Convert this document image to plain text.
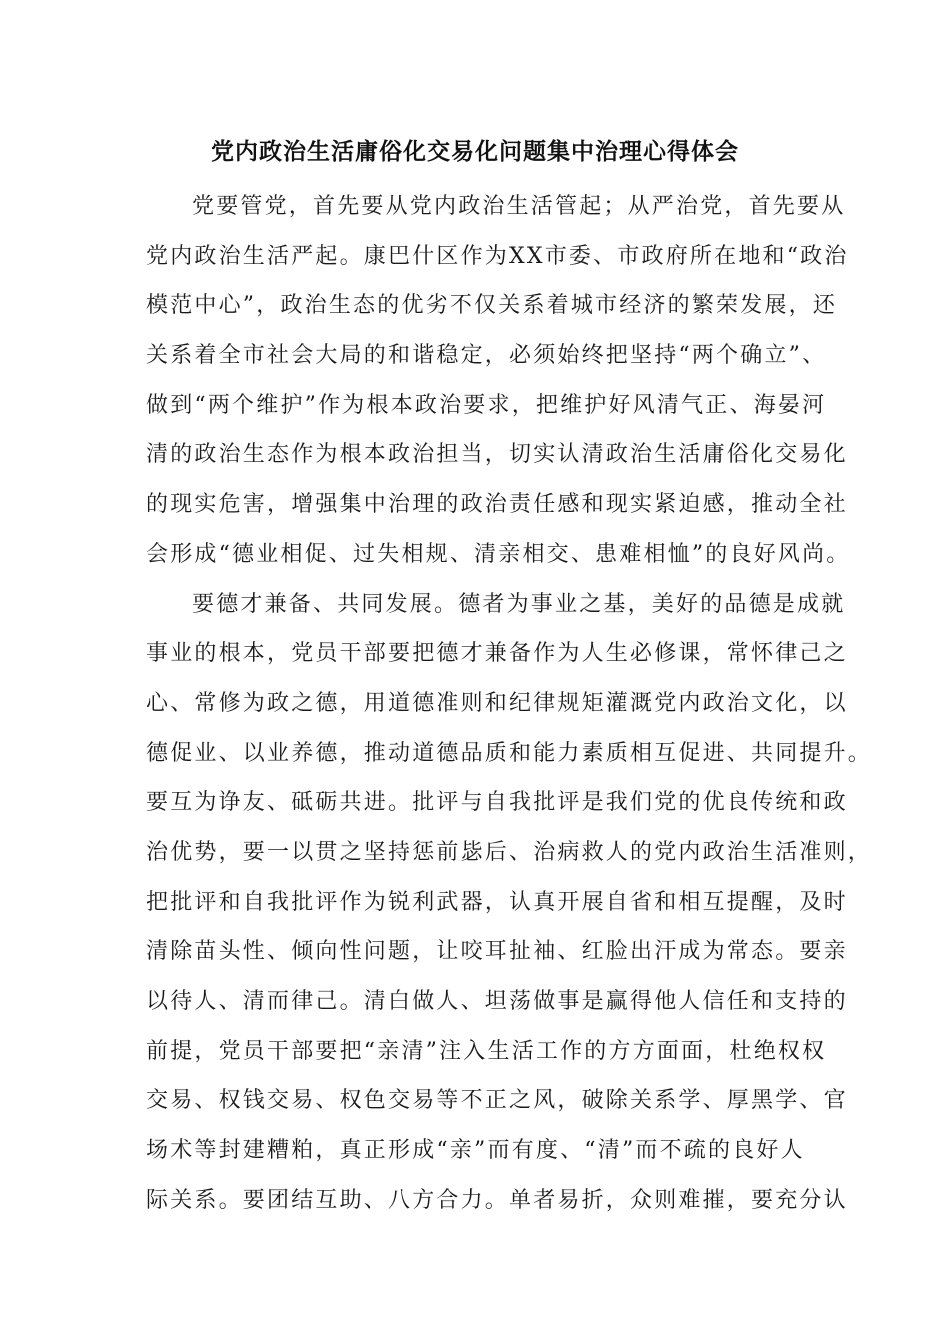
党内政治生活庸俗化交易化问题集中治理心得体会
党要管党，首先要从党内政治生活管起；从严治党，首先要从
党内政治生活严起。康巴什区作为XX市委、市政府所在地和“政治
模范中心”，政治生态的优劣不仅关系着城市经济的繁荣发展，还
关系着全市社会大局的和谐稳定，必须始终把坚持“两个确立”、
做到“两个维护”作为根本政治要求，把维护好风清气正、海晏河
清的政治生态作为根本政治担当，切实认清政治生活庸俗化交易化
的现实危害，增强集中治理的政治责任感和现实紧迫感，推动全社
会形成“德业相促、过失相规、清亲相交、患难相恤”的良好风尚。
要德才兼备、共同发展。德者为事业之基，美好的品德是成就
事业的根本，党员干部要把德才兼备作为人生必修课，常怀律己之
心、常修为政之德，用道德准则和纪律规矩灌溉党内政治文化，以
德促业、以业养德，推动道德品质和能力素质相互促进、共同提升。
要互为诤友、砥砺共进。批评与自我批评是我们党的优良传统和政
治优势，要一以贯之坚持惩前毖后、治病救人的党内政治生活准则，
把批评和自我批评作为锐利武器，认真开展自省和相互提醒，及时
清除苗头性、倾向性问题，让咬耳扯袖、红脸出汗成为常态。要亲
以待人、清而律己。清白做人、坦荡做事是赢得他人信任和支持的
前提，党员干部要把“亲清”注入生活工作的方方面面，杜绝权权
交易、权钱交易、权色交易等不正之风，破除关系学、厚黑学、官
场术等封建糟粕，真正形成“亲”而有度、“清”而不疏的良好人
际关系。要团结互助、八方合力。单者易折，众则难摧，要充分认
